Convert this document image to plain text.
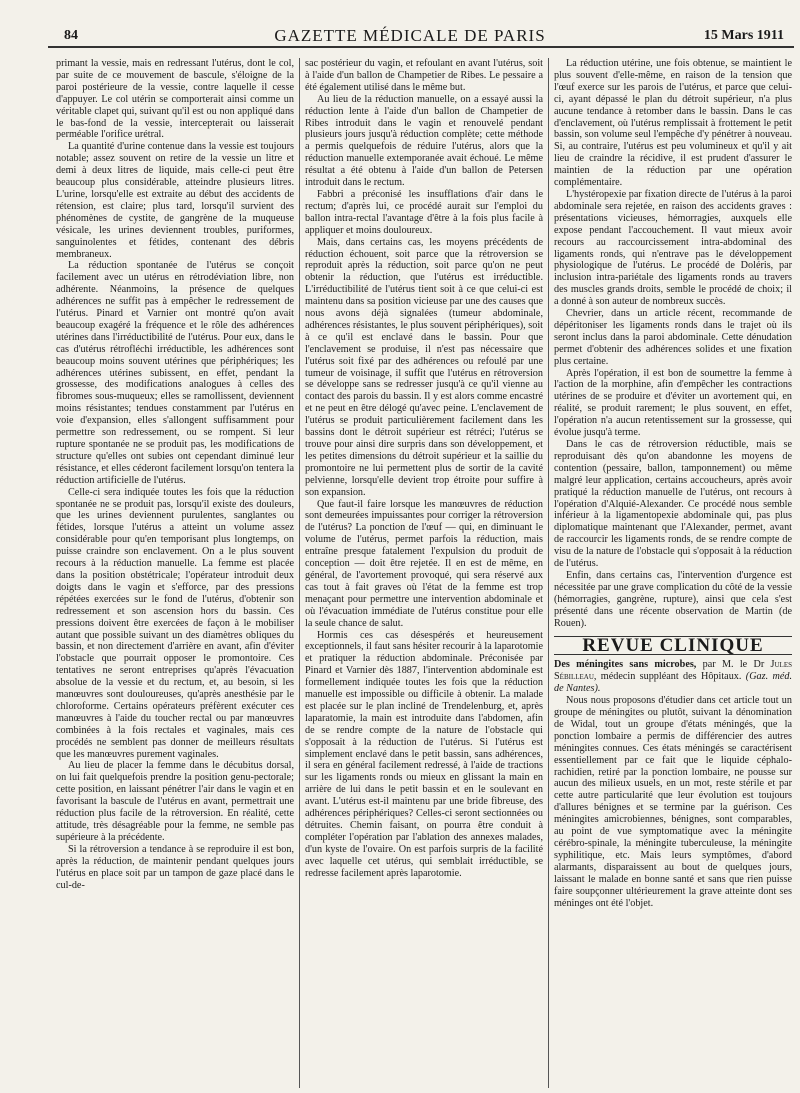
84	GAZETTE MÉDICALE DE PARIS	15 Mars 1911

primant la vessie, mais en redressant l'utérus, dont le col, par suite de ce mouvement de bascule, s'éloigne de la paroi postérieure de la vessie, contre laquelle il cesse d'appuyer. Le col utérin se comporterait ainsi comme un véritable clapet qui, suivant qu'il est ou non appliqué dans le bas-fond de la vessie, intercepterait ou laisserait perméable l'orifice urétral.

La quantité d'urine contenue dans la vessie est toujours notable; assez souvent on retire de la vessie un litre et demi à deux litres de liquide, mais celle-ci peut être beaucoup plus considérable, atteindre plusieurs litres. L'urine, lorsqu'elle est extraite au début des accidents de rétension, est claire; plus tard, lorsqu'il survient des phénomènes de cystite, de gangrène de la muqueuse vésicale, les urines deviennent troubles, puriformes, sanguinolentes et fétides, contenant des débris membraneux.

La réduction spontanée de l'utérus se conçoit facilement avec un utérus en rétrodéviation libre, non adhérente. Néanmoins, la présence de quelques adhérences ne suffit pas à empêcher le redressement de l'utérus. Pinard et Varnier ont montré qu'on avait beaucoup exagéré la fréquence et le rôle des adhérences utérines dans l'irréductibilité de l'utérus. Pour eux, dans le cas d'utérus rétrofléchi irréductible, les adhérences sont beaucoup moins souvent utérines que périphériques; les adhérences utérines subissent, en effet, pendant la grossesse, des modifications analogues à celles des fibromes sous-muqueux; elles se ramollissent, deviennent moins résistantes; tendues constamment par l'utérus en voie d'expansion, elles s'allongent suffisamment pour permettre son redressement, ou se rompent. Si leur rupture spontanée ne se produit pas, les modifications de structure qu'elles ont subies ont cependant diminué leur résistance, et elles céderont facilement lorsqu'on tentera la réduction artificielle de l'utérus.

Celle-ci sera indiquée toutes les fois que la réduction spontanée ne se produit pas, lorsqu'il existe des douleurs, que les urines deviennent purulentes, sanglantes ou fétides, lorsque l'utérus a atteint un volume assez considérable pour qu'en temporisant plus longtemps, on puisse craindre son enclavement. On a le plus souvent recours à la réduction manuelle. La femme est placée dans la position obstétricale; l'opérateur introduit deux doigts dans le vagin et s'efforce, par des pressions répétées exercées sur le fond de l'utérus, d'obtenir son redressement et son ascension hors du bassin. Ces pressions doivent être exercées de façon à le mobiliser autant que possible suivant un des diamètres obliques du bassin, et non directement d'arrière en avant, afin d'éviter l'obstacle que pourrait opposer le promontoire. Ces tentatives ne seront entreprises qu'après l'évacuation absolue de la vessie et du rectum, et, au besoin, si les manœuvres sont douloureuses, qu'après anesthésie par le chloroforme. Certains opérateurs préfèrent exécuter ces manœuvres à l'aide du toucher rectal ou par manœuvres combinées à la fois rectales et vaginales, mais ces procédés ne semblent pas donner de meilleurs résultats que les manœuvres purement vaginales.

Au lieu de placer la femme dans le décubitus dorsal, on lui fait quelquefois prendre la position genu-pectorale; cette position, en laissant pénétrer l'air dans le vagin et en favorisant la bascule de l'utérus en avant, permettrait une réduction plus facile de la rétroversion. En réalité, cette attitude, très désagréable pour la femme, ne semble pas supérieure à la précédente.

Si la rétroversion a tendance à se reproduire il est bon, après la réduction, de maintenir pendant quelques jours l'utérus en place soit par un tampon de gaze placé dans le cul-de-

sac postérieur du vagin, et refoulant en avant l'utérus, soit à l'aide d'un ballon de Champetier de Ribes. Le pessaire a été également utilisé dans le même but.

Au lieu de la réduction manuelle, on a essayé aussi la réduction lente à l'aide d'un ballon de Champetier de Ribes introduit dans le vagin et renouvelé pendant plusieurs jours jusqu'à réduction complète; cette méthode a permis quelquefois de réduire l'utérus, alors que la réduction manuelle extemporanée avait échoué. Le même résultat a été obtenu à l'aide d'un ballon de Petersen introduit dans le rectum.

Fabbri a préconisé les insufflations d'air dans le rectum; d'après lui, ce procédé aurait sur l'emploi du ballon intra-rectal l'avantage d'être à la fois plus facile à appliquer et moins douloureux.

Mais, dans certains cas, les moyens précédents de réduction échouent, soit parce que la rétroversion se reproduit après la réduction, soit parce qu'on ne peut obtenir la réduction, que l'utérus est irréductible. L'irréductibilité de l'utérus tient soit à ce que celui-ci est maintenu dans sa position vicieuse par une des causes que nous avons déjà signalées (tumeur abdominale, adhérences résistantes, le plus souvent périphériques), soit à ce qu'il est enclavé dans le bassin. Pour que l'enclavement se produise, il n'est pas nécessaire que l'utérus soit fixé par des adhérences ou refoulé par une tumeur de voisinage, il suffit que l'utérus en rétroversion se développe sans se redresser jusqu'à ce qu'il vienne au contact des parois du bassin. Il y est alors comme encastré et ne peut en être délogé qu'avec peine. L'enclavement de l'utérus se produit particulièrement facilement dans les bassins dont le détroit supérieur est rétréci; l'utérus se trouve pour ainsi dire surpris dans son développement, et les petites dimensions du détroit supérieur et la saillie du promontoire ne lui permettent plus de sortir de la cavité pelvienne, lorsqu'elle devient trop étroite pour suffire à son expansion.

Que faut-il faire lorsque les manœuvres de réduction sont demeurées impuissantes pour corriger la rétroversion de l'utérus? La ponction de l'œuf — qui, en diminuant le volume de l'utérus, permet parfois la réduction, mais entraîne presque fatalement l'expulsion du produit de conception — doit être rejetée. Il en est de même, en général, de l'avortement provoqué, qui sera réservé aux cas tout à fait graves où l'état de la femme est trop menaçant pour permettre une intervention abdominale et où l'évacuation immédiate de l'utérus constitue pour elle la seule chance de salut.

Hormis ces cas désespérés et heureusement exceptionnels, il faut sans hésiter recourir à la laparotomie et pratiquer la réduction abdominale. Préconisée par Pinard et Varnier dès 1887, l'intervention abdominale est formellement indiquée toutes les fois que la réduction manuelle est impossible ou difficile à obtenir. La malade est placée sur le plan incliné de Trendelenburg, et, après laparatomie, la main est introduite dans l'abdomen, afin de se rendre compte de la nature de l'obstacle qui s'opposait à la réduction de l'utérus. Si l'utérus est simplement enclavé dans le petit bassin, sans adhérences, il sera en général facilement redressé, à l'aide de tractions sur les ligaments ronds ou mieux en glissant la main en arrière de lui dans le petit bassin et en le soulevant en avant. L'utérus est-il maintenu par une bride fibreuse, des adhérences périphériques? Celles-ci seront sectionnées ou détruites. Chemin faisant, on pourra être conduit à compléter l'opération par l'ablation des annexes malades, d'un kyste de l'ovaire. On est parfois surpris de la facilité avec laquelle cet utérus, qui semblait irréductible, se redresse facilement après laparotomie.

La réduction utérine, une fois obtenue, se maintient le plus souvent d'elle-même, en raison de la tension que l'œuf exerce sur les parois de l'utérus, et parce que celui-ci, ayant dépassé le plan du détroit supérieur, n'a plus aucune tendance à retomber dans le bassin. Dans le cas d'enclavement, où l'utérus remplissait à frottement le petit bassin, son volume seul l'empêche d'y pénétrer à nouveau. Si, au contraire, l'utérus est peu volumineux et qu'il y ait lieu de craindre la récidive, il est prudent d'assurer le maintien de la réduction par une opération complémentaire.

L'hystéropexie par fixation directe de l'utérus à la paroi abdominale sera rejetée, en raison des accidents graves : présentations vicieuses, hémorragies, auxquels elle expose pendant l'accouchement. Il vaut mieux avoir recours au raccourcissement intra-abdominal des ligaments ronds, qui n'entrave pas le développement physiologique de l'utérus. Le procédé de Doléris, par inclusion intra-pariétale des ligaments ronds au travers des muscles grands droits, semble le procédé de choix; il a donné à son auteur de nombreux succès.

Chevrier, dans un article récent, recommande de dépéritoniser les ligaments ronds dans le trajet où ils seront inclus dans la paroi abdominale. Cette dénudation permet d'obtenir des adhérences solides et une fixation plus certaine.

Après l'opération, il est bon de soumettre la femme à l'action de la morphine, afin d'empêcher les contractions utérines de se produire et d'éviter un avortement qui, en réalité, se produit rarement; le plus souvent, en effet, l'opération n'a aucun retentissement sur la grossesse, qui évolue jusqu'à terme.

Dans le cas de rétroversion réductible, mais se reproduisant dès qu'on abandonne les moyens de contention (pessaire, ballon, tamponnement) ou même malgré leur application, certains accoucheurs, après avoir pratiqué la réduction manuelle de l'utérus, ont recours à l'opération d'Alquié-Alexander. Ce procédé nous semble inférieur à la ligamentopexie abdominale qui, pas plus diplomatique maintenant que l'Alexander, permet, avant de raccourcir les ligaments ronds, de se rendre compte de visu de la nature de l'obstacle qui s'opposait à la réduction de l'utérus.

Enfin, dans certains cas, l'intervention d'urgence est nécessitée par une grave complication du côté de la vessie (hémorragies, gangrène, rupture), ainsi que cela s'est présenté dans une récente observation de Martin (de Rouen).

REVUE CLINIQUE

Des méningites sans microbes, par M. le Dr Jules Sébilleau, médecin suppléant des Hôpitaux. (Gaz. méd. de Nantes).

Nous nous proposons d'étudier dans cet article tout un groupe de méningites ou plutôt, suivant la dénomination de Widal, tout un groupe d'états méningés, que la ponction lombaire a permis de différencier des autres méningites connues. Ces états méningés se caractérisent essentiellement par ce fait que le liquide céphalo-rachidien, retiré par la ponction lombaire, ne pousse sur aucun des milieux usuels, en un mot, reste stérile et par cette autre particularité que leur évolution est toujours d'allures bénignes et se termine par la guérison. Ces méningites amicrobiennes, bénignes, sont comparables, au point de vue symptomatique avec la méningite cérébro-spinale, la méningite tuberculeuse, la méningite syphilitique, etc. Mais leurs symptômes, d'abord alarmants, disparaissent au bout de quelques jours, laissant le malade en bonne santé et sans que rien puisse faire soupçonner ultérieurement la grave atteinte dont ses méninges ont été l'objet.
